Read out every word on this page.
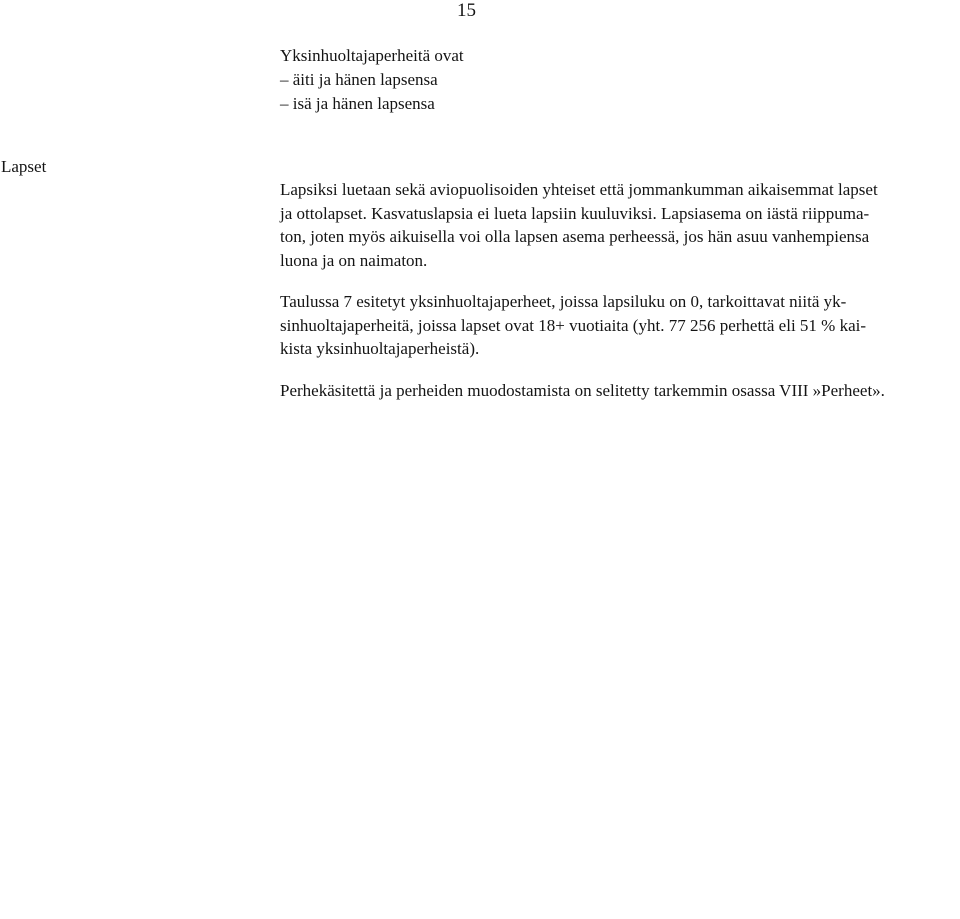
15
Yksinhuoltajaperheitä ovat
– äiti ja hänen lapsensa
– isä ja hänen lapsensa
Lapset
Lapsiksi luetaan sekä aviopuolisoiden yhteiset että jommankumman aikaisemmat lapset
ja ottolapset. Kasvatuslapsia ei lueta lapsiin kuuluviksi. Lapsiasema on iästä riippuma-
ton, joten myös aikuisella voi olla lapsen asema perheessä, jos hän asuu vanhempiensa
luona ja on naimaton.
Taulussa 7 esitetyt yksinhuoltajaperheet, joissa lapsiluku on 0, tarkoittavat niitä yk-
sinhuoltajaperheitä, joissa lapset ovat 18+ vuotiaita (yht. 77 256 perhettä eli 51 % kai-
kista yksinhuoltajaperheistä).
Perhekäsitettä ja perheiden muodostamista on selitetty tarkemmin osassa VIII »Perheet».
